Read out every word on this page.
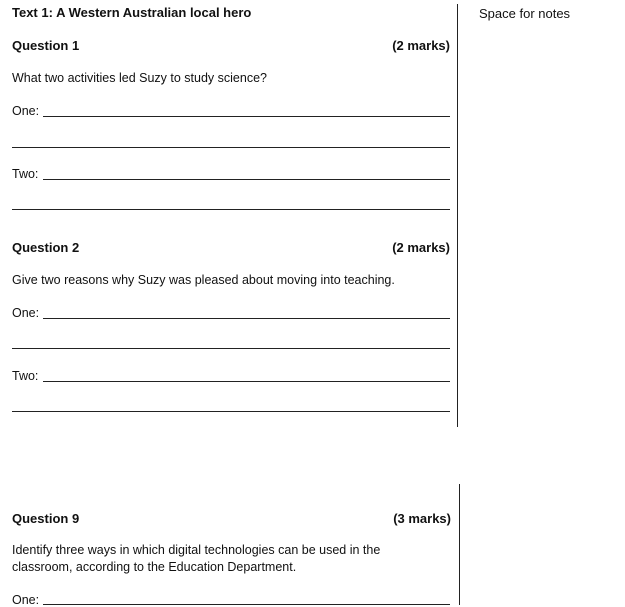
Text 1: A Western Australian local hero	Space for notes
Question 1	(2 marks)
What two activities led Suzy to study science?
One:
Two:
Question 2	(2 marks)
Give two reasons why Suzy was pleased about moving into teaching.
One:
Two:
Question 9	(3 marks)
Identify three ways in which digital technologies can be used in the
classroom, according to the Education Department.
One:
